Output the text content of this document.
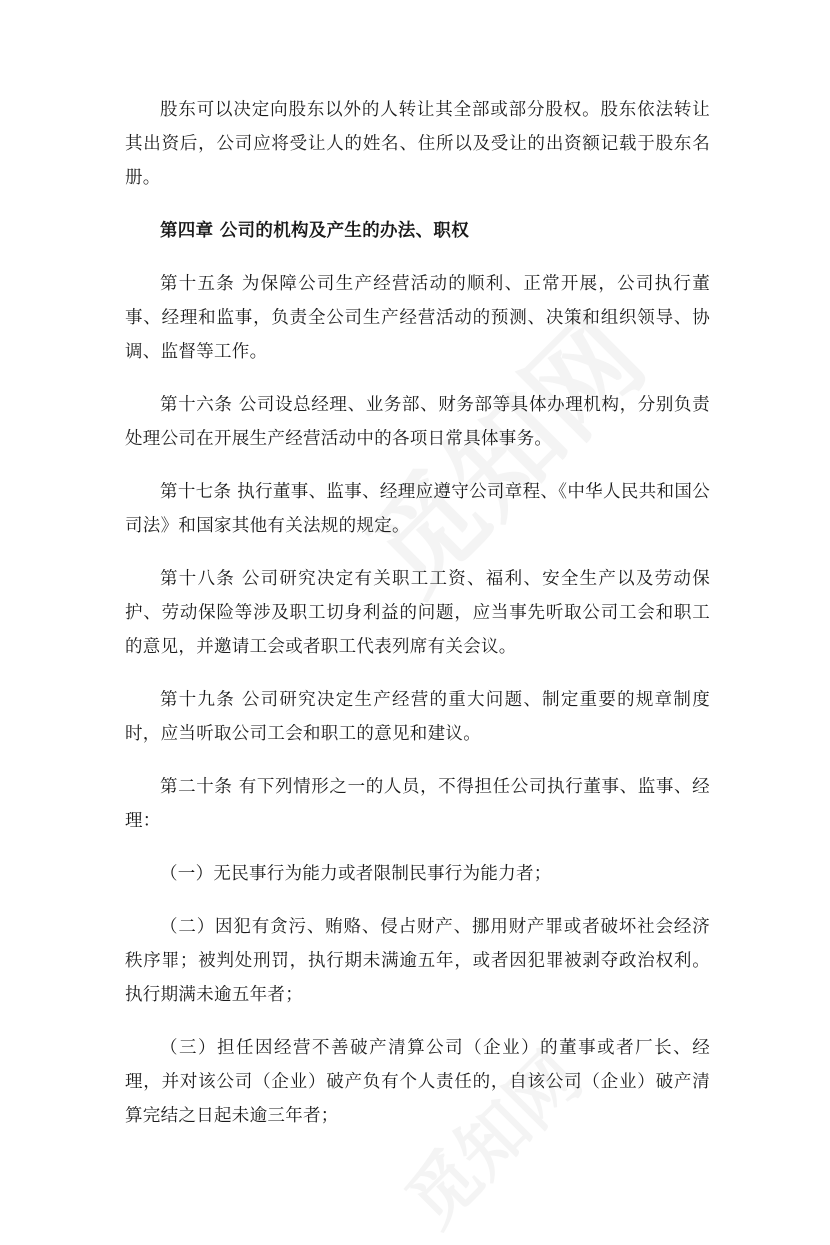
股东可以决定向股东以外的人转让其全部或部分股权。股东依法转让其出资后，公司应将受让人的姓名、住所以及受让的出资额记载于股东名册。

第四章 公司的机构及产生的办法、职权

第十五条 为保障公司生产经营活动的顺利、正常开展，公司执行董事、经理和监事，负责全公司生产经营活动的预测、决策和组织领导、协调、监督等工作。

第十六条 公司设总经理、业务部、财务部等具体办理机构，分别负责处理公司在开展生产经营活动中的各项日常具体事务。

第十七条 执行董事、监事、经理应遵守公司章程、《中华人民共和国公司法》和国家其他有关法规的规定。

第十八条 公司研究决定有关职工工资、福利、安全生产以及劳动保护、劳动保险等涉及职工切身利益的问题，应当事先听取公司工会和职工的意见，并邀请工会或者职工代表列席有关会议。

第十九条 公司研究决定生产经营的重大问题、制定重要的规章制度时，应当听取公司工会和职工的意见和建议。

第二十条 有下列情形之一的人员，不得担任公司执行董事、监事、经理：

（一）无民事行为能力或者限制民事行为能力者；

（二）因犯有贪污、贿赂、侵占财产、挪用财产罪或者破坏社会经济秩序罪；被判处刑罚，执行期未满逾五年，或者因犯罪被剥夺政治权利。执行期满未逾五年者；

（三）担任因经营不善破产清算公司（企业）的董事或者厂长、经理，并对该公司（企业）破产负有个人责任的，自该公司（企业）破产清算完结之日起未逾三年者；
